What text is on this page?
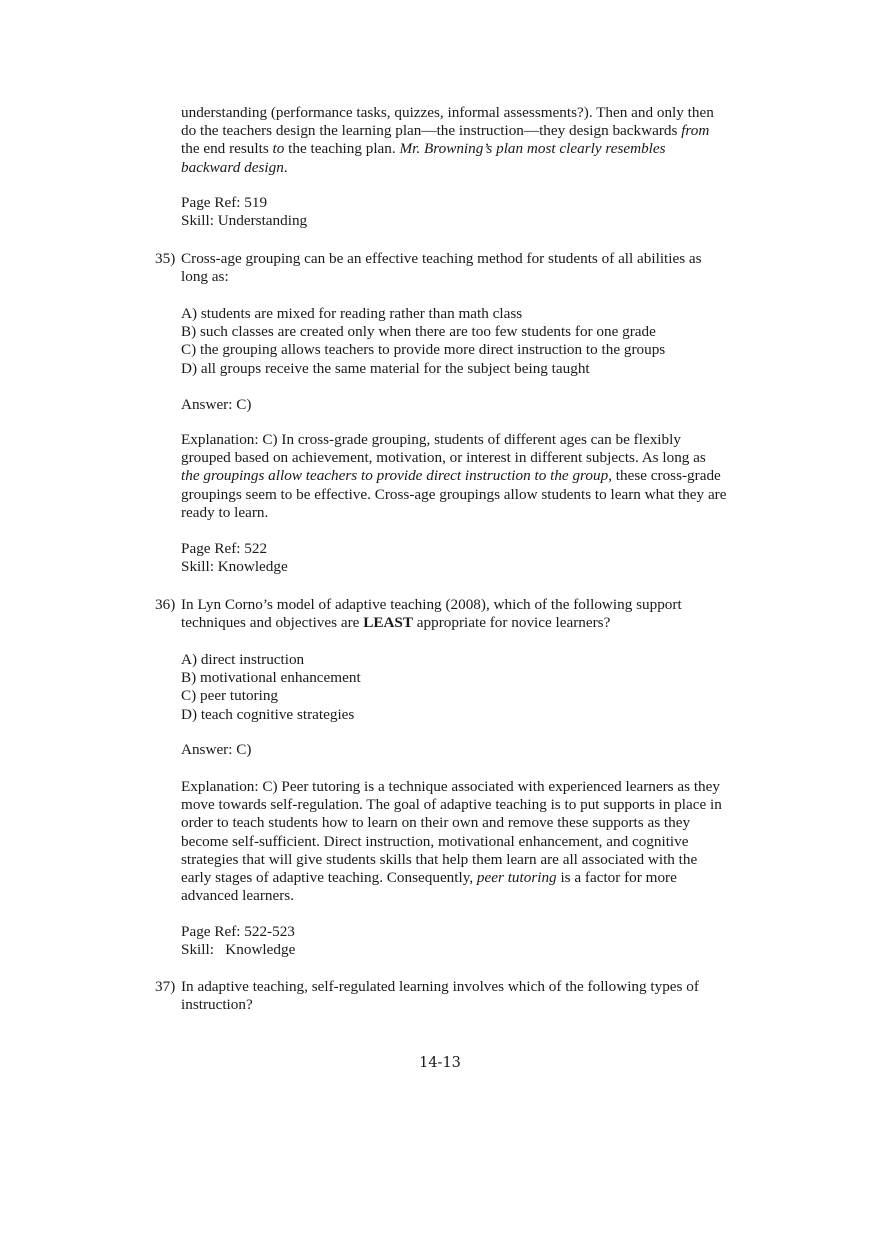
understanding (performance tasks, quizzes, informal assessments?). Then and only then
do the teachers design the learning plan—the instruction—they design backwards from
the end results to the teaching plan. Mr. Browning’s plan most clearly resembles
backward design.
Page Ref: 519
Skill: Understanding
35) Cross-age grouping can be an effective teaching method for students of all abilities as
long as:
A) students are mixed for reading rather than math class
B) such classes are created only when there are too few students for one grade
C) the grouping allows teachers to provide more direct instruction to the groups
D) all groups receive the same material for the subject being taught
Answer: C)
Explanation: C) In cross-grade grouping, students of different ages can be flexibly
grouped based on achievement, motivation, or interest in different subjects. As long as
the groupings allow teachers to provide direct instruction to the group, these cross-grade
groupings seem to be effective. Cross-age groupings allow students to learn what they are
ready to learn.
Page Ref: 522
Skill: Knowledge
36) In Lyn Corno’s model of adaptive teaching (2008), which of the following support
techniques and objectives are LEAST appropriate for novice learners?
A) direct instruction
B) motivational enhancement
C) peer tutoring
D) teach cognitive strategies
Answer: C)
Explanation: C) Peer tutoring is a technique associated with experienced learners as they
move towards self-regulation. The goal of adaptive teaching is to put supports in place in
order to teach students how to learn on their own and remove these supports as they
become self-sufficient. Direct instruction, motivational enhancement, and cognitive
strategies that will give students skills that help them learn are all associated with the
early stages of adaptive teaching. Consequently, peer tutoring is a factor for more
advanced learners.
Page Ref: 522-523
Skill:   Knowledge
37) In adaptive teaching, self-regulated learning involves which of the following types of
instruction?
14-13
